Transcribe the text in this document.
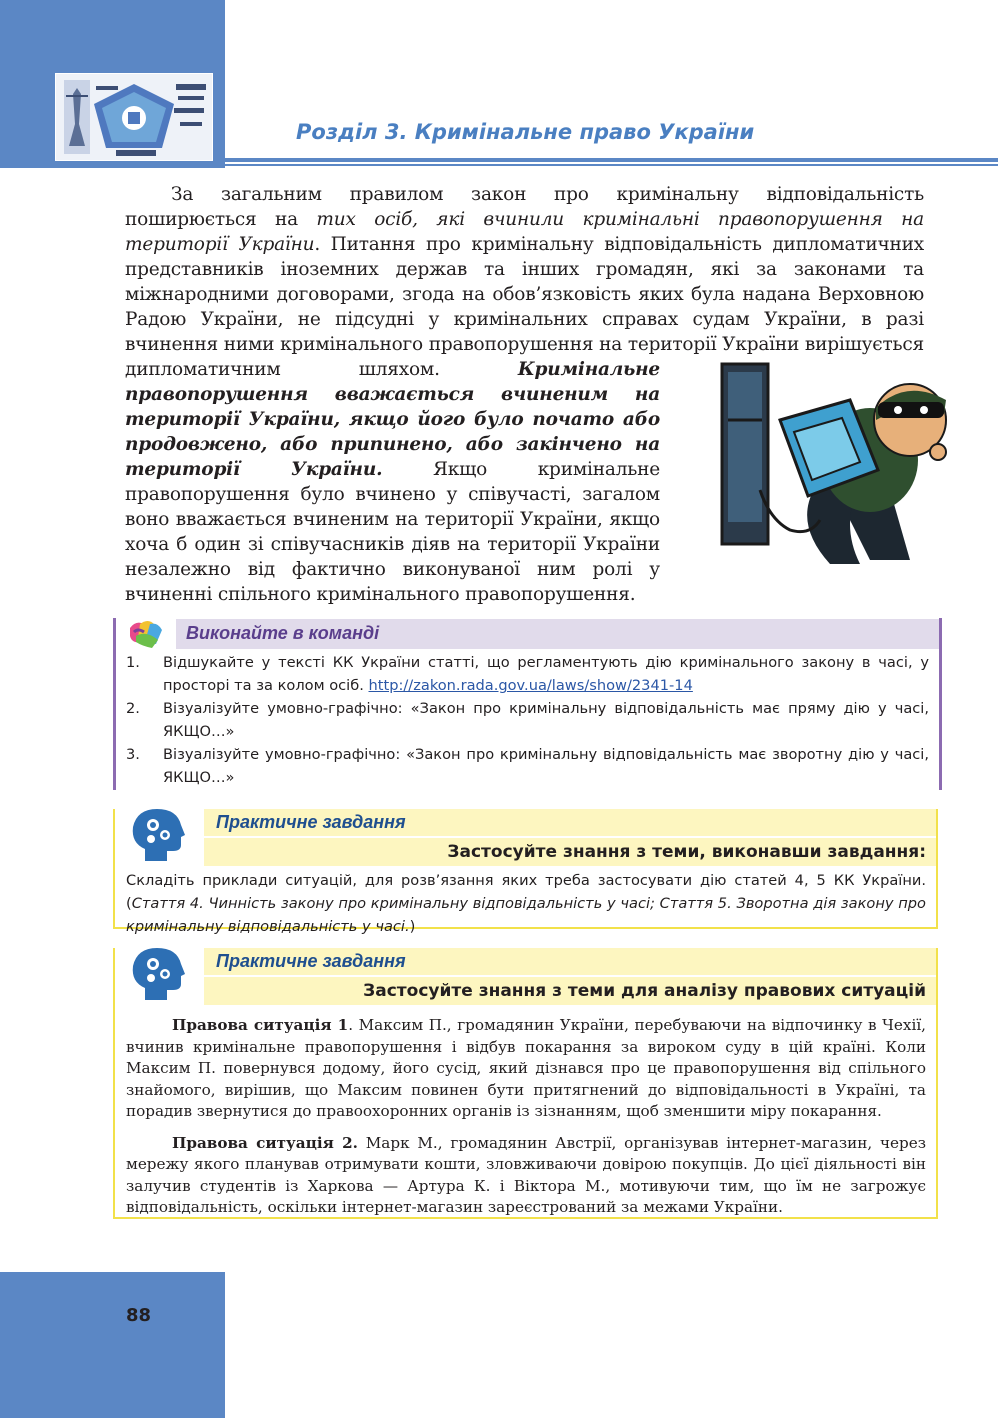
Розділ 3. Кримінальне право України

За загальним правилом закон про кримінальну відповідальність поширюється на тих осіб, які вчинили кримінальні правопорушення на території України. Питання про кримінальну відповідальність дипломатичних представників іноземних держав та інших громадян, які за законами та міжнародними договорами, згода на обов’язковість яких була надана Верховною Радою України, не підсудні у кримінальних справах судам України, в разі вчинення ними кримінального правопорушення на території України вирішується дипломатичним шляхом.
Кримінальне правопорушення вважається вчиненим на території України, якщо його було почато або продовжено, або припинено, або закінчено на території України. Якщо кримінальне правопорушення було вчинено у співучасті, загалом воно вважається вчиненим на території України, якщо хоча б один зі співучасників діяв на території України незалежно від фактично виконуваної ним ролі у вчиненні спільного кримінального правопорушення.

Виконайте в команді
1. Відшукайте у тексті КК України статті, що регламентують дію кримінального закону в часі, у просторі та за колом осіб. http://zakon.rada.gov.ua/laws/show/2341-14
2. Візуалізуйте умовно-графічно: «Закон про кримінальну відповідальність має пряму дію у часі, ЯКЩО…»
3. Візуалізуйте умовно-графічно: «Закон про кримінальну відповідальність має зворотну дію у часі, ЯКЩО…»
Практичне завдання
Застосуйте знання з теми, виконавши завдання:

Складіть приклади ситуацій, для розв’язання яких треба застосувати дію статей 4, 5 КК України. (Стаття 4. Чинність закону про кримінальну відповідальність у часі; Стаття 5. Зворотна дія закону про кримінальну відповідальність у часі.)

Практичне завдання
Застосуйте знання з теми для аналізу правових ситуацій

Правова ситуація 1. Максим П., громадянин України, перебуваючи на відпочинку в Чехії, вчинив кримінальне правопорушення і відбув покарання за вироком суду в цій країні. Коли Максим П. повернувся додому, його сусід, який дізнався про це правопорушення від спільного знайомого, вирішив, що Максим повинен бути притягнений до відповідальності в Україні, та порадив звернутися до правоохоронних органів із зізнанням, щоб зменшити міру покарання.

Правова ситуація 2. Марк М., громадянин Австрії, організував інтернет-магазин, через мережу якого планував отримувати кошти, зловживаючи довірою покупців. До цієї діяльності він залучив студентів із Харкова — Артура К. і Віктора М., мотивуючи тим, що їм не загрожує відповідальність, оскільки інтернет-магазин зареєстрований за межами України.

88
